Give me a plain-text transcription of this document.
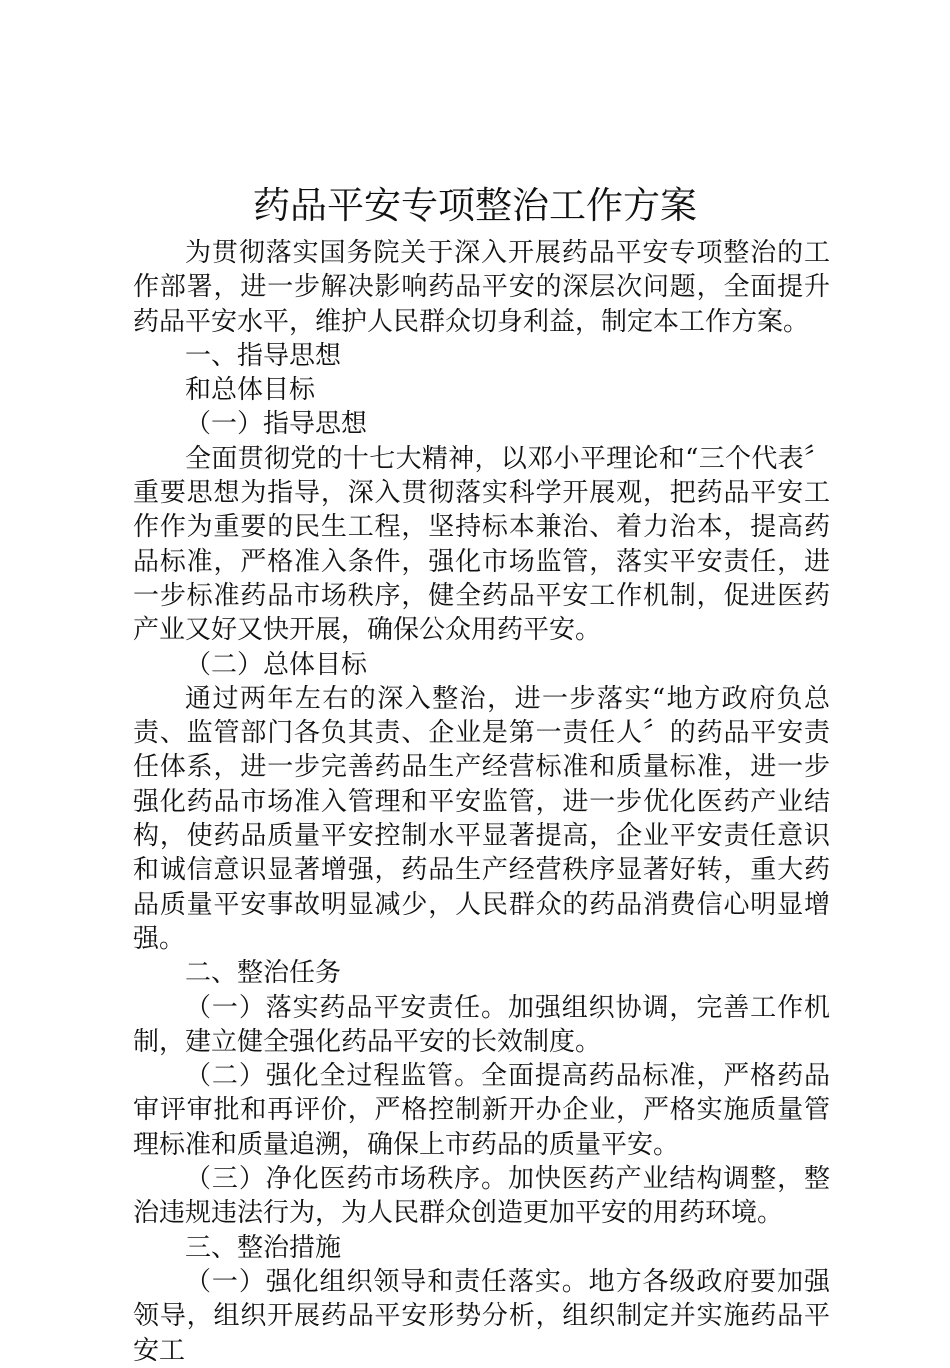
药品平安专项整治工作方案

为贯彻落实国务院关于深入开展药品平安专项整治的工作部署，进一步解决影响药品平安的深层次问题，全面提升药品平安水平，维护人民群众切身利益，制定本工作方案。

一、指导思想

和总体目标

（一）指导思想

全面贯彻党的十七大精神，以邓小平理论和“三个代表〞重要思想为指导，深入贯彻落实科学开展观，把药品平安工作作为重要的民生工程，坚持标本兼治、着力治本，提高药品标准，严格准入条件，强化市场监管，落实平安责任，进一步标准药品市场秩序，健全药品平安工作机制，促进医药产业又好又快开展，确保公众用药平安。

（二）总体目标

通过两年左右的深入整治，进一步落实“地方政府负总责、监管部门各负其责、企业是第一责任人〞的药品平安责任体系，进一步完善药品生产经营标准和质量标准，进一步强化药品市场准入管理和平安监管，进一步优化医药产业结构，使药品质量平安控制水平显著提高，企业平安责任意识和诚信意识显著增强，药品生产经营秩序显著好转，重大药品质量平安事故明显减少，人民群众的药品消费信心明显增强。

二、整治任务

（一）落实药品平安责任。加强组织协调，完善工作机制，建立健全强化药品平安的长效制度。

（二）强化全过程监管。全面提高药品标准，严格药品审评审批和再评价，严格控制新开办企业，严格实施质量管理标准和质量追溯，确保上市药品的质量平安。

（三）净化医药市场秩序。加快医药产业结构调整，整治违规违法行为，为人民群众创造更加平安的用药环境。

三、整治措施

（一）强化组织领导和责任落实。地方各级政府要加强领导，组织开展药品平安形势分析，组织制定并实施药品平安工
